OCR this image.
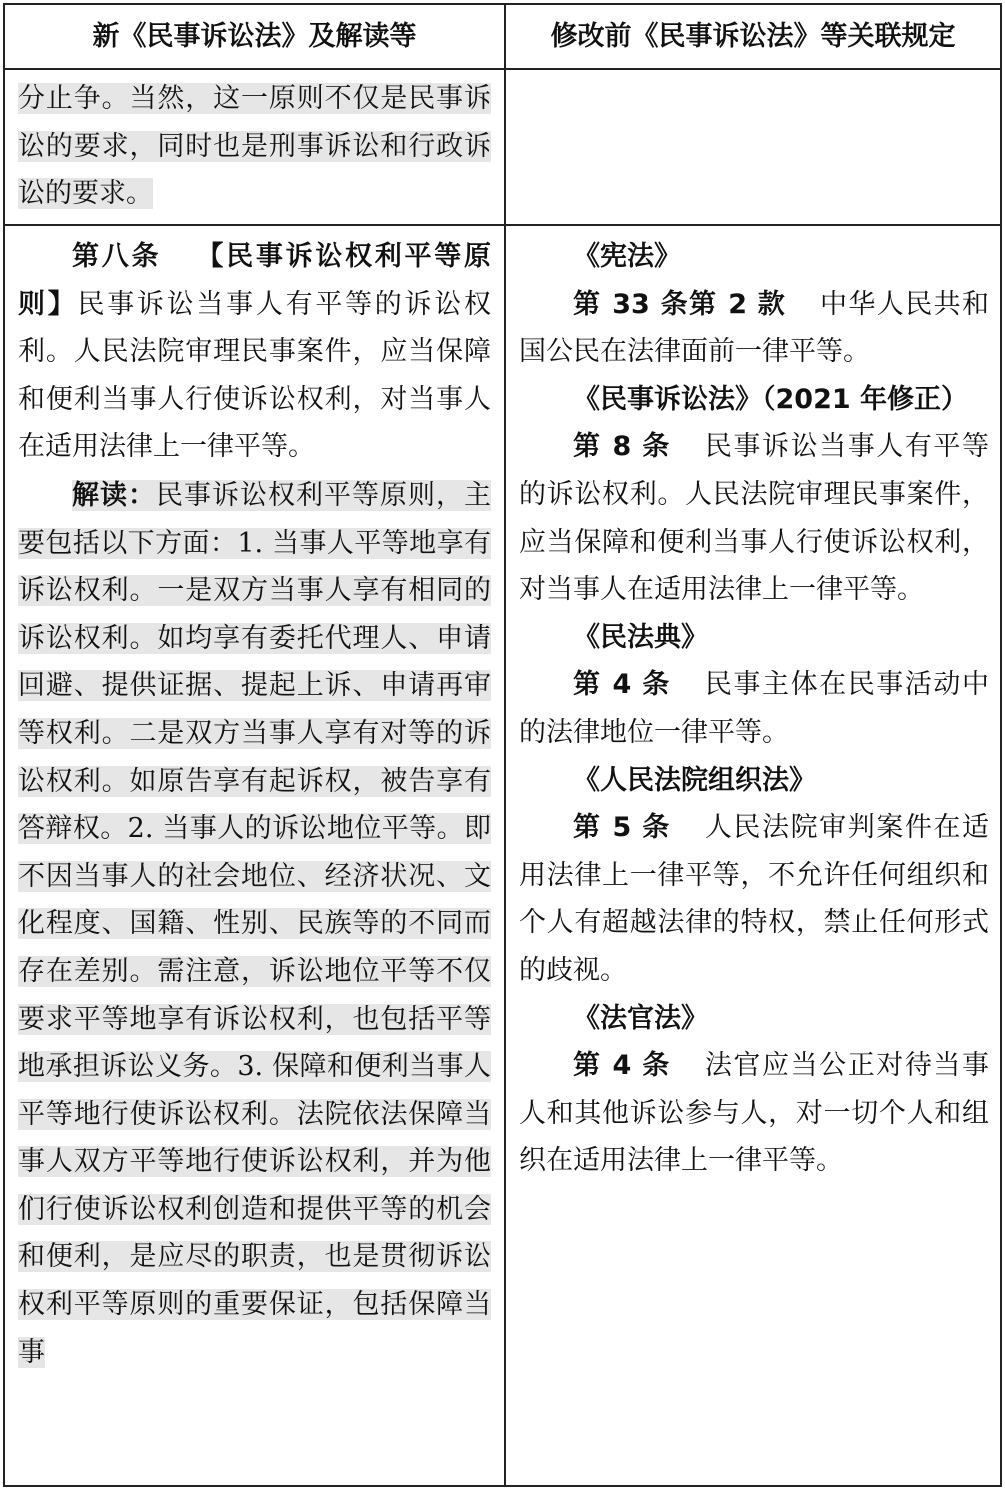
新《民事诉讼法》及解读等	修改前《民事诉讼法》等关联规定

分止争。当然，这一原则不仅是民事诉讼的要求，同时也是刑事诉讼和行政诉讼的要求。

第八条 【民事诉讼权利平等原则】民事诉讼当事人有平等的诉讼权利。人民法院审理民事案件，应当保障和便利当事人行使诉讼权利，对当事人在适用法律上一律平等。

解读：民事诉讼权利平等原则，主要包括以下方面：1. 当事人平等地享有诉讼权利。一是双方当事人享有相同的诉讼权利。如均享有委托代理人、申请回避、提供证据、提起上诉、申请再审等权利。二是双方当事人享有对等的诉讼权利。如原告享有起诉权，被告享有答辩权。2. 当事人的诉讼地位平等。即不因当事人的社会地位、经济状况、文化程度、国籍、性别、民族等的不同而存在差别。需注意，诉讼地位平等不仅要求平等地享有诉讼权利，也包括平等地承担诉讼义务。3. 保障和便利当事人平等地行使诉讼权利。法院依法保障当事人双方平等地行使诉讼权利，并为他们行使诉讼权利创造和提供平等的机会和便利，是应尽的职责，也是贯彻诉讼权利平等原则的重要保证，包括保障当事

《宪法》

第 33 条第 2 款 中华人民共和国公民在法律面前一律平等。

《民事诉讼法》（2021 年修正）

第 8 条 民事诉讼当事人有平等的诉讼权利。人民法院审理民事案件，应当保障和便利当事人行使诉讼权利，对当事人在适用法律上一律平等。

《民法典》

第 4 条 民事主体在民事活动中的法律地位一律平等。

《人民法院组织法》

第 5 条 人民法院审判案件在适用法律上一律平等，不允许任何组织和个人有超越法律的特权，禁止任何形式的歧视。

《法官法》

第 4 条 法官应当公正对待当事人和其他诉讼参与人，对一切个人和组织在适用法律上一律平等。
